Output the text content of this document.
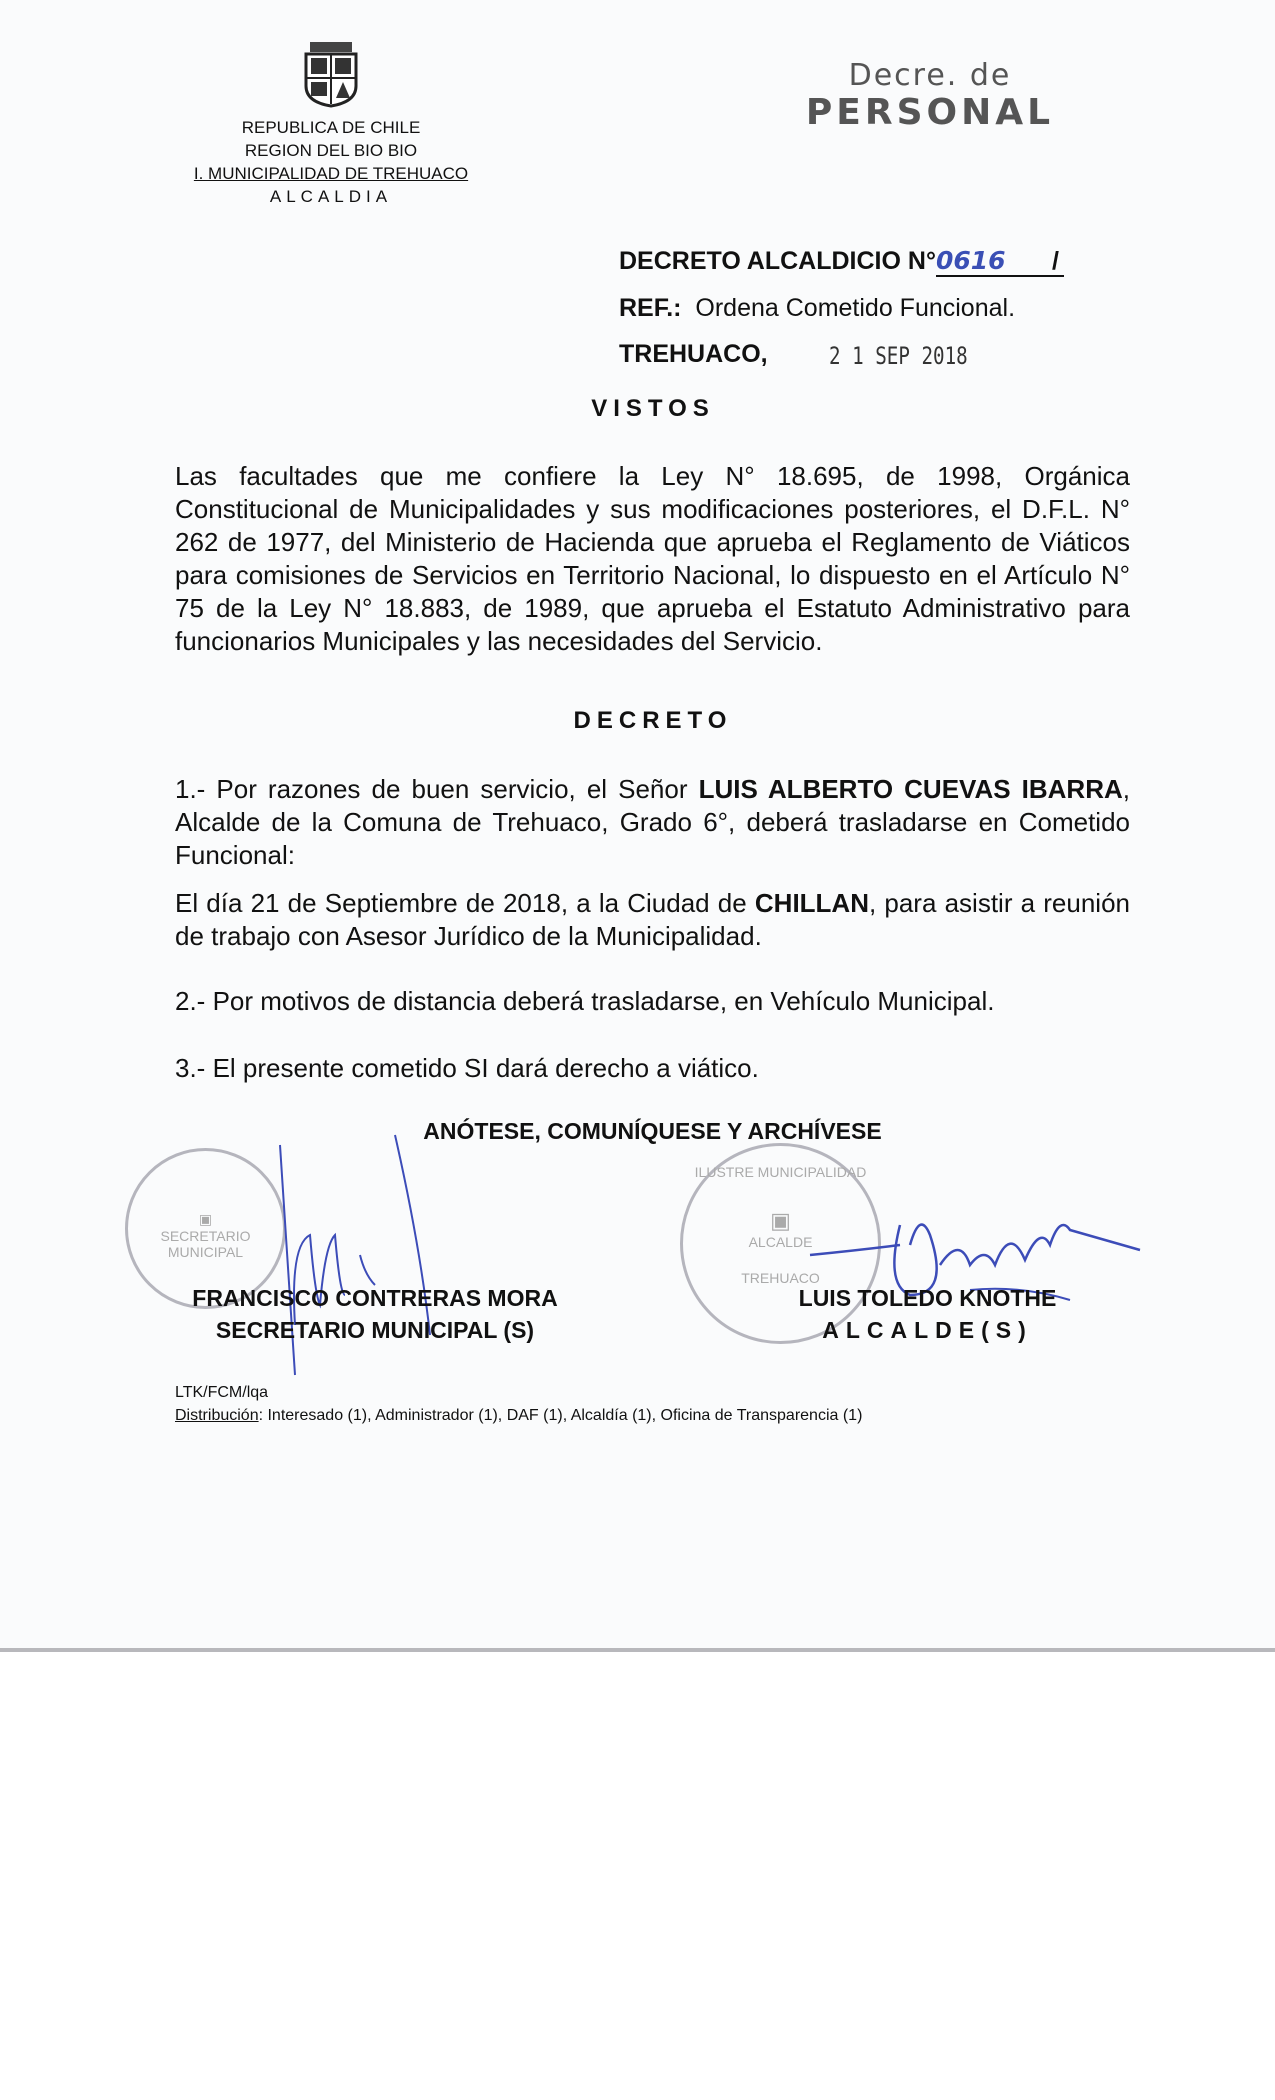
REPUBLICA DE CHILE
REGION DEL BIO BIO
I. MUNICIPALIDAD DE TREHUACO
ALCALDIA
Decre. de
PERSONAL
DECRETO ALCALDICIO N°0616 /
REF.: Ordena Cometido Funcional.
TREHUACO,	2 1 SEP 2018
VISTOS
Las facultades que me confiere la Ley N° 18.695, de 1998, Orgánica Constitucional de Municipalidades y sus modificaciones posteriores, el D.F.L. N° 262 de 1977, del Ministerio de Hacienda que aprueba el Reglamento de Viáticos para comisiones de Servicios en Territorio Nacional, lo dispuesto en el Artículo N° 75 de la Ley N° 18.883, de 1989, que aprueba el Estatuto Administrativo para funcionarios Municipales y las necesidades del Servicio.
DECRETO
1.- Por razones de buen servicio, el Señor LUIS ALBERTO CUEVAS IBARRA, Alcalde de la Comuna de Trehuaco, Grado 6°, deberá trasladarse en Cometido Funcional:
El día 21 de Septiembre de 2018, a la Ciudad de CHILLAN, para asistir a reunión de trabajo con Asesor Jurídico de la Municipalidad.
2.- Por motivos de distancia deberá trasladarse, en Vehículo Municipal.
3.- El presente cometido SI dará derecho a viático.
ANÓTESE, COMUNÍQUESE Y ARCHÍVESE
▣
SECRETARIO
MUNICIPAL
ILUSTRE MUNICIPALIDAD
▣
ALCALDE
TREHUACO
FRANCISCO CONTRERAS MORA
SECRETARIO MUNICIPAL (S)
LUIS TOLEDO KNOTHE
ALCALDE(S)
LTK/FCM/lqa
Distribución: Interesado (1), Administrador (1), DAF (1), Alcaldía (1), Oficina de Transparencia (1)
